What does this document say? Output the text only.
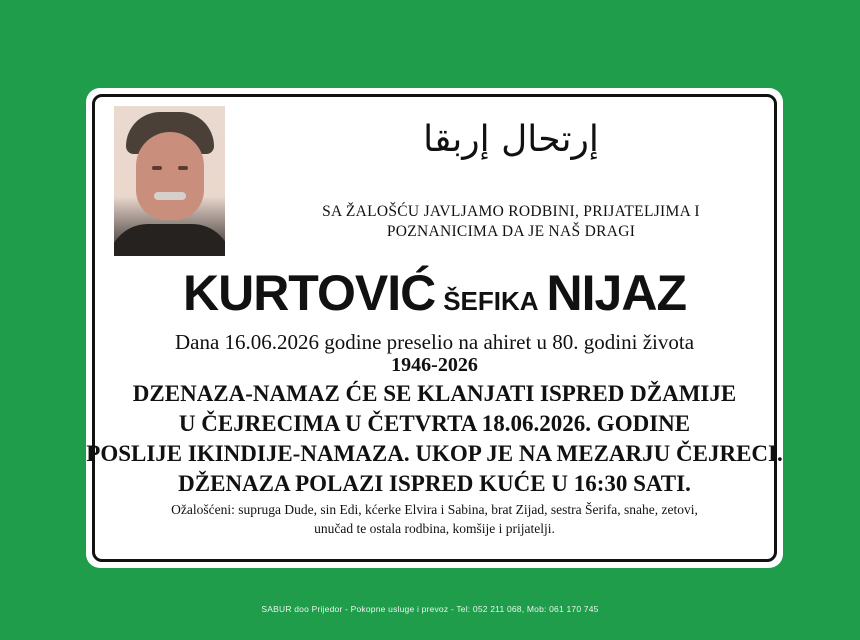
إرتحال إربقا
SA ŽALOŠĆU JAVLJAMO RODBINI, PRIJATELJIMA I
POZNANICIMA DA JE NAŠ DRAGI
KURTOVIĆ ŠEFIKA NIJAZ
Dana 16.06.2026 godine preselio na ahiret u 80. godini života
1946-2026
DZENAZA-NAMAZ ĆE SE KLANJATI ISPRED DŽAMIJE
U ČEJRECIMA U ČETVRTA 18.06.2026. GODINE
POSLIJE IKINDIJE-NAMAZA. UKOP JE NA MEZARJU ČEJRECI.
DŽENAZA POLAZI ISPRED KUĆE U 16:30 SATI.
Ožalošćeni: supruga Dude, sin Edi, kćerke Elvira i Sabina, brat Zijad, sestra Šerifa, snahe, zetovi,
unučad te ostala rodbina, komšije i prijatelji.
SABUR doo Prijedor - Pokopne usluge i prevoz - Tel: 052 211 068, Mob: 061 170 745
